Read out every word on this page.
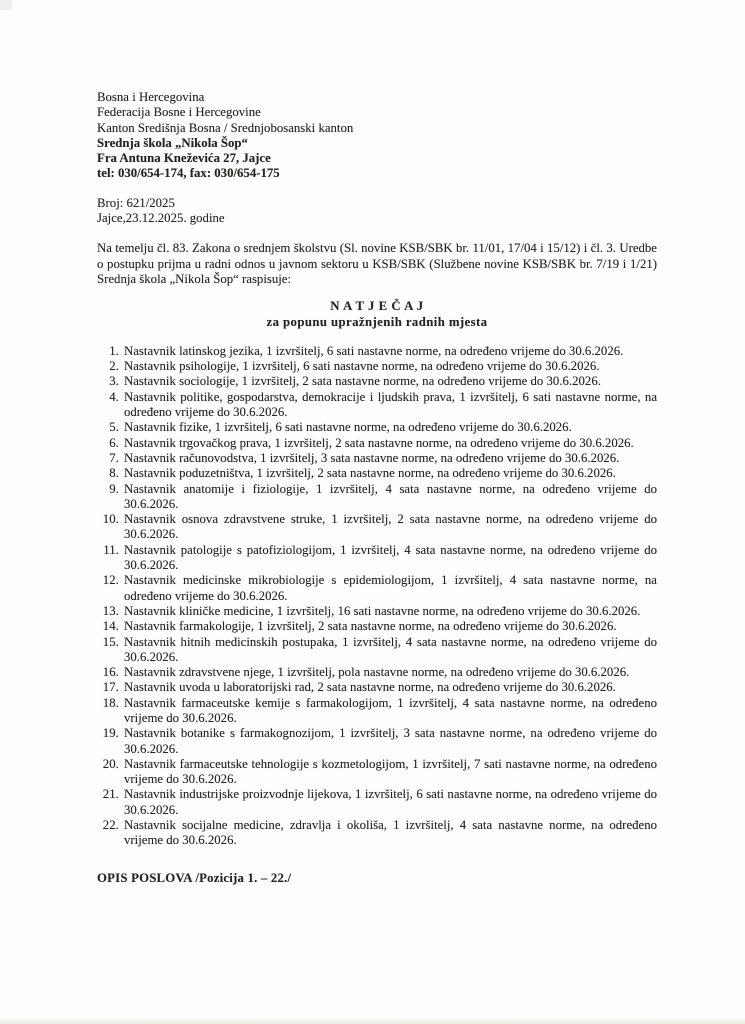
Bosna i Hercegovina
Federacija Bosne i Hercegovine
Kanton Središnja Bosna / Srednjobosanski kanton
Srednja škola „Nikola Šop“
Fra Antuna Kneževića 27, Jajce
tel: 030/654-174, fax: 030/654-175
Broj: 621/2025
Jajce,23.12.2025. godine

Na temelju čl. 83. Zakona o srednjem školstvu (Sl. novine KSB/SBK br. 11/01, 17/04 i 15/12) i čl. 3. Uredbe o postupku prijma u radni odnos u javnom sektoru u KSB/SBK (Službene novine KSB/SBK br. 7/19 i 1/21) Srednja škola „Nikola Šop“ raspisuje:

N A T J E Č A J
za popunu upražnjenih radnih mjesta
1. Nastavnik latinskog jezika, 1 izvršitelj, 6 sati nastavne norme, na određeno vrijeme do 30.6.2026.
2. Nastavnik psihologije, 1 izvršitelj, 6 sati nastavne norme, na određeno vrijeme do 30.6.2026.
3. Nastavnik sociologije, 1 izvršitelj, 2 sata nastavne norme, na određeno vrijeme do 30.6.2026.
4. Nastavnik politike, gospodarstva, demokracije i ljudskih prava, 1 izvršitelj, 6 sati nastavne norme, na određeno vrijeme do 30.6.2026.
5. Nastavnik fizike, 1 izvršitelj, 6 sati nastavne norme, na određeno vrijeme do 30.6.2026.
6. Nastavnik trgovačkog prava, 1 izvršitelj, 2 sata nastavne norme, na određeno vrijeme do 30.6.2026.
7. Nastavnik računovodstva, 1 izvršitelj, 3 sata nastavne norme, na određeno vrijeme do 30.6.2026.
8. Nastavnik poduzetništva, 1 izvršitelj, 2 sata nastavne norme, na određeno vrijeme do 30.6.2026.
9. Nastavnik anatomije i fiziologije, 1 izvršitelj, 4 sata nastavne norme, na određeno vrijeme do 30.6.2026.
10. Nastavnik osnova zdravstvene struke, 1 izvršitelj, 2 sata nastavne norme, na određeno vrijeme do 30.6.2026.
11. Nastavnik patologije s patofiziologijom, 1 izvršitelj, 4 sata nastavne norme, na određeno vrijeme do 30.6.2026.
12. Nastavnik medicinske mikrobiologije s epidemiologijom, 1 izvršitelj, 4 sata nastavne norme, na određeno vrijeme do 30.6.2026.
13. Nastavnik kliničke medicine, 1 izvršitelj, 16 sati nastavne norme, na određeno vrijeme do 30.6.2026.
14. Nastavnik farmakologije, 1 izvršitelj, 2 sata nastavne norme, na određeno vrijeme do 30.6.2026.
15. Nastavnik hitnih medicinskih postupaka, 1 izvršitelj, 4 sata nastavne norme, na određeno vrijeme do 30.6.2026.
16. Nastavnik zdravstvene njege, 1 izvršitelj, pola nastavne norme, na određeno vrijeme do 30.6.2026.
17. Nastavnik uvoda u laboratorijski rad, 2 sata nastavne norme, na određeno vrijeme do 30.6.2026.
18. Nastavnik farmaceutske kemije s farmakologijom, 1 izvršitelj, 4 sata nastavne norme, na određeno vrijeme do 30.6.2026.
19. Nastavnik botanike s farmakognozijom, 1 izvršitelj, 3 sata nastavne norme, na određeno vrijeme do 30.6.2026.
20. Nastavnik farmaceutske tehnologije s kozmetologijom, 1 izvršitelj, 7 sati nastavne norme, na određeno vrijeme do 30.6.2026.
21. Nastavnik industrijske proizvodnje lijekova, 1 izvršitelj, 6 sati nastavne norme, na određeno vrijeme do 30.6.2026.
22. Nastavnik socijalne medicine, zdravlja i okoliša, 1 izvršitelj, 4 sata nastavne norme, na određeno vrijeme do 30.6.2026.
OPIS POSLOVA /Pozicija 1. – 22./
